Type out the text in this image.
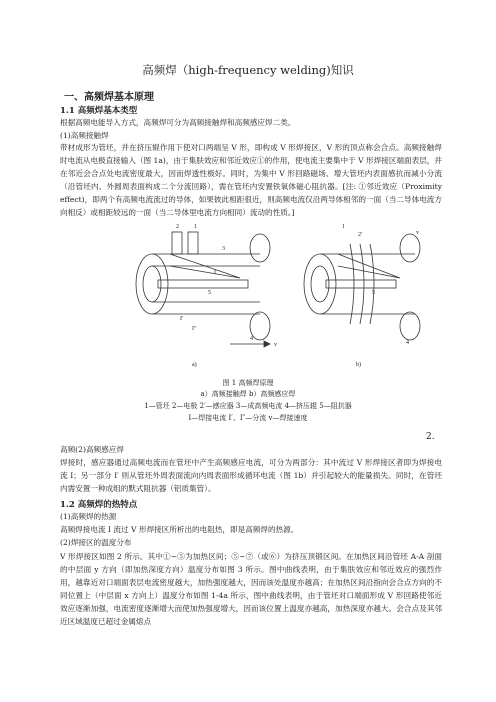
高频焊（high-frequency welding)知识
一、高频焊基本原理
1.1 高频焊基本类型
根据高频电能导入方式，高频焊可分为高频接触焊和高频感应焊二类。
(1)高频接触焊
带材成形为管坯，并在挤压辊作用下使对口两端呈 V 形，即构成 V 形焊接区，V 形的顶点称会合点。高频接触焊时电流从电极直接输入（图 1a)，由于集肤效应和邻近效应①的作用，使电流主要集中于 V 形焊接区端面表层，并在邻近会合点处电流密度最大，因而焊透性极好。同时，为集中 V 形回路磁场、增大管坯内表面感抗而减小分流（沿管坯内、外圆周表面构成二个分流回路），需在管坯内安置铁氧体磁心阻抗器。[注: ①邻近效应（Proximity effect)，即两个有高频电流流过的导体，如果彼此相距很近，则高频电流仅沿两导体相邻的一面（当二导体电流方向相反）或相距较远的一面（当二导体里电流方向相同）流动的性质。]
2	1
3
4
5
I
I′
I″
v
1
2′
4
5
v
a)	b)
图 1 高频焊原理
a）高频接触焊 b）高频感应焊
1—管坯 2—电极 2′—感应器 3—成高频电流 4—挤压辊 5—阻抗器
I—焊接电流 I′、I″—分流 v—焊接速度
2.
高频(2)高频感应焊
焊接时，感应器通过高频电流而在管坯中产生高频感应电流，可分为两部分：其中流过 V 形焊接区者即为焊接电流 I；另一部分 I′ 则从管坯外周表面流向内周表面形成循环电流（图 1b）并引起较大的能量损失。同时，在管坯内需安置一种成组的默式阻抗器（铝质集管）。
1.2 高频焊的热特点
(1)高频焊的热源
高频焊接电流 I 流过 V 形焊接区所析出的电阻热，即是高频焊的热源。
(2)焊接区的温度分布
V 形焊接区如图 2 所示。其中①~⑤为加热区间；⑤~⑦（或⑥）为挤压顶锻区间。在加热区间沿管坯 A-A 剖面的中层面 y 方向（即加热深度方向）温度分布如图 3 所示。图中曲线表明，由于集肤效应和邻近效应的强烈作用，越靠近对口端面表层电流密度越大，加热强度越大，因而该处温度亦越高；在加热区间沿指向会合点方向的不同位置上（中层面 x 方向上）温度分布如图 1-4a 所示，图中曲线表明，由于管坯对口端面形成 V 形回路使邻近效应逐渐加强，电流密度逐渐增大而使加热强度增大，因而该位置上温度亦越高，加热深度亦越大。会合点及其邻近区域温度已超过金属熔点
